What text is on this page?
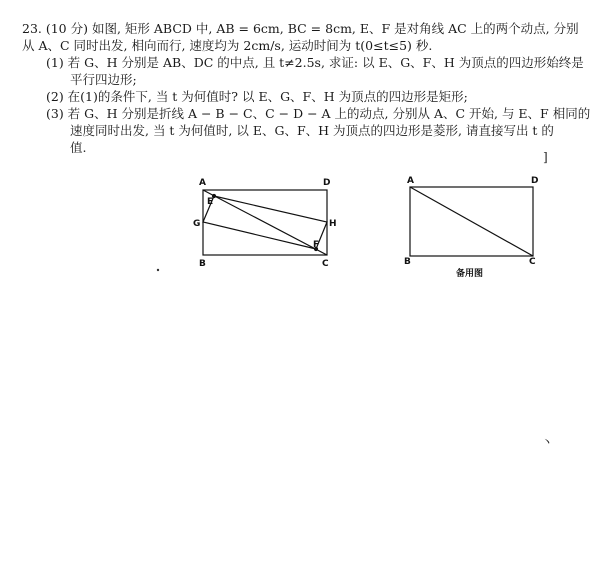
23. (10 分) 如图, 矩形 ABCD 中, AB = 6cm, BC = 8cm, E、F 是对角线 AC 上的两个动点, 分别
从 A、C 同时出发, 相向而行, 速度均为 2cm/s, 运动时间为 t(0≤t≤5) 秒.
(1) 若 G、H 分别是 AB、DC 的中点, 且 t≠2.5s, 求证: 以 E、G、F、H 为顶点的四边形始终是
平行四边形;
(2) 在(1)的条件下, 当 t 为何值时? 以 E、G、F、H 为顶点的四边形是矩形;
(3) 若 G、H 分别是折线 A − B − C、C − D − A 上的动点, 分别从 A、C 开始, 与 E、F 相同的
速度同时出发, 当 t 为何值时, 以 E、G、F、H 为顶点的四边形是菱形, 请直接写出 t 的
值.
A	D
B	C
E
F
G	H
A	D
B	C
备用图
]
丶
